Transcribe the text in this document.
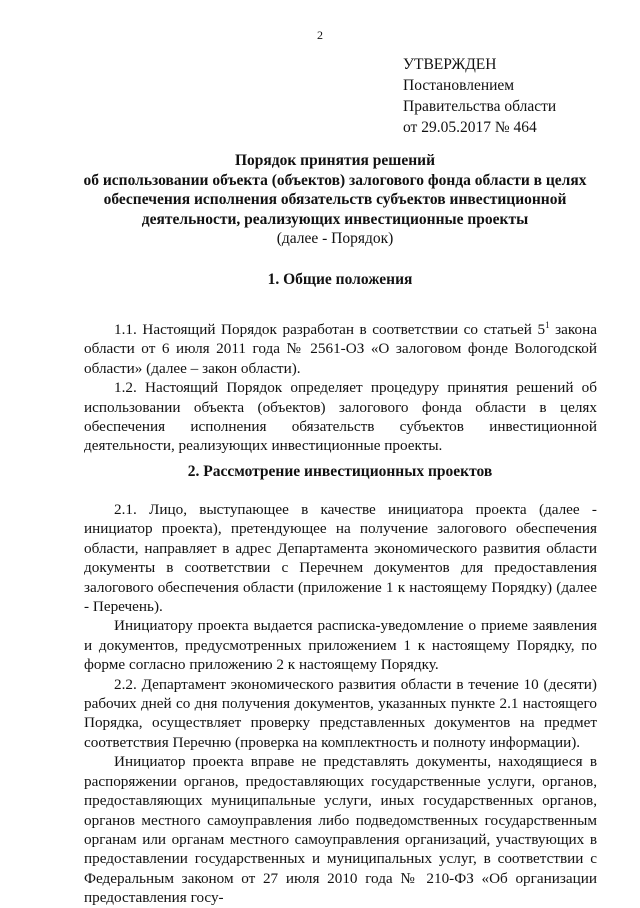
2
УТВЕРЖДЕН
Постановлением
Правительства области
от 29.05.2017 № 464
Порядок принятия решений
об использовании объекта (объектов) залогового фонда области в целях
обеспечения исполнения обязательств субъектов инвестиционной
деятельности, реализующих инвестиционные проекты
(далее - Порядок)
1. Общие положения

1.1. Настоящий Порядок разработан в соответствии со статьей $5^1$ закона области от 6 июля 2011 года № 2561-ОЗ «О залоговом фонде Вологодской области» (далее – закон области).

1.2. Настоящий Порядок определяет процедуру принятия решений об использовании объекта (объектов) залогового фонда области в целях обеспечения исполнения обязательств субъектов инвестиционной деятельности, реализующих инвестиционные проекты.

2. Рассмотрение инвестиционных проектов

2.1. Лицо, выступающее в качестве инициатора проекта (далее - инициатор проекта), претендующее на получение залогового обеспечения области, направляет в адрес Департамента экономического развития области документы в соответствии с Перечнем документов для предоставления залогового обеспечения области (приложение 1 к настоящему Порядку) (далее - Перечень).

Инициатору проекта выдается расписка-уведомление о приеме заявления и документов, предусмотренных приложением 1 к настоящему Порядку, по форме согласно приложению 2 к настоящему Порядку.

2.2. Департамент экономического развития области в течение 10 (десяти) рабочих дней со дня получения документов, указанных пункте 2.1 настоящего Порядка, осуществляет проверку представленных документов на предмет соответствия Перечню (проверка на комплектность и полноту информации).

Инициатор проекта вправе не представлять документы, находящиеся в распоряжении органов, предоставляющих государственные услуги, органов, предоставляющих муниципальные услуги, иных государственных органов, органов местного самоуправления либо подведомственных государственным органам или органам местного самоуправления организаций, участвующих в предоставлении государственных и муниципальных услуг, в соответствии с Федеральным законом от 27 июля 2010 года № 210-ФЗ «Об организации предоставления госу-
